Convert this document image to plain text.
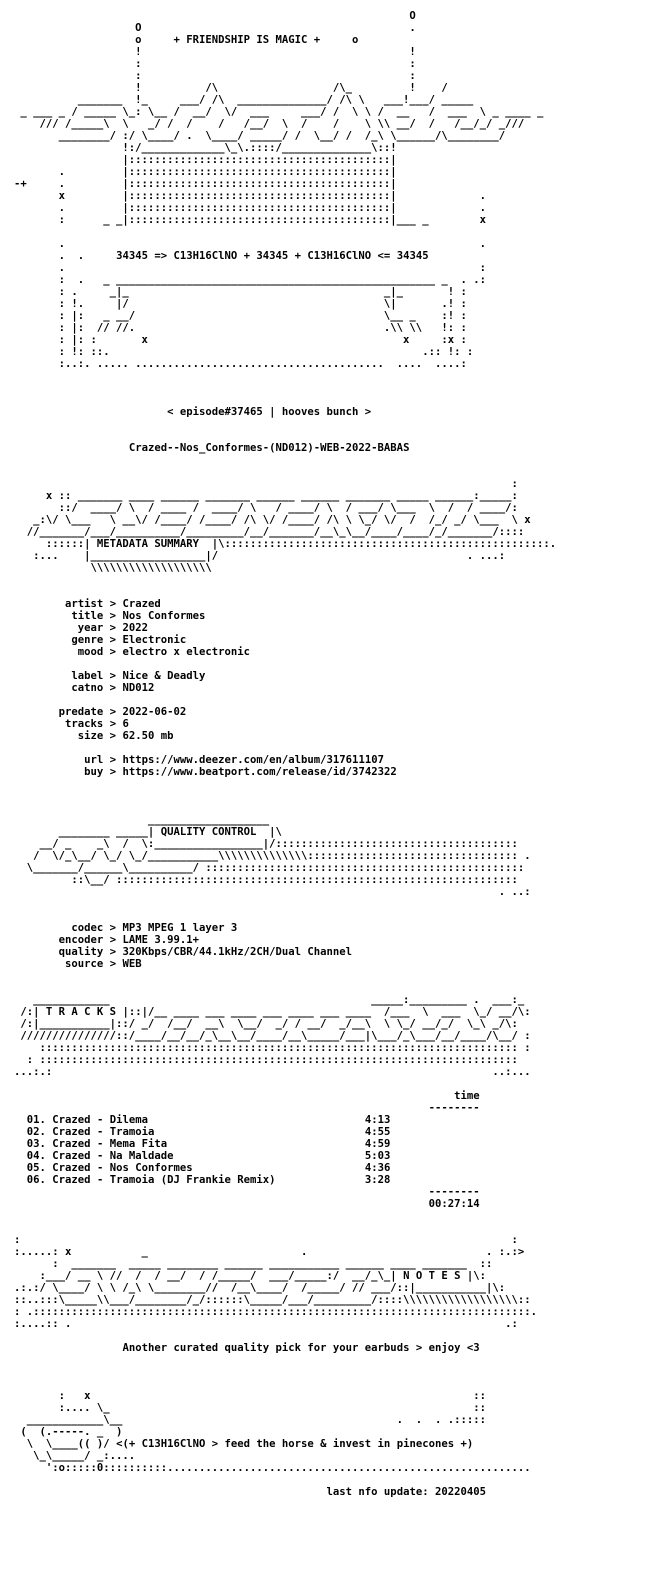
O
O                                          .
o     + FRIENDSHIP IS MAGIC +     o
!                                          !
:                                          :
:                                          :
!          /\                  /\_         !    /
_______  !_     ___/ /\  ______________/ /\ \   ___!___/ _____
_ ___ _ / _____ \_: \__ /  __/  \/  ___     ___/ /  \ \ /  __   /  ___  \ _ ____ _
/// /_____\  \   _/ /  /    /   /__/  \  /    /    \ \\ __/  /   /__/_/ _///
________/ :/ \____/ .  \____/ _____/ /  \__/ /  /_\ \______/\________/
!:/_____________\_\.::::/______________\::!
|:::::::::::::::::::::::::::::::::::::::::|
.         |:::::::::::::::::::::::::::::::::::::::::|
-+     .         |:::::::::::::::::::::::::::::::::::::::::|
x         |:::::::::::::::::::::::::::::::::::::::::|             .
.         |:::::::::::::::::::::::::::::::::::::::::|             .
:      _ _|:::::::::::::::::::::::::::::::::::::::::|___ _        x
.                                                                 .
.  .     34345 => C13H16ClNO + 34345 + C13H16ClNO <= 34345
.                                                                 :
:  .   _ __________________________________________________ _  . .:
: .     _|_                                        _|_       ! :
: !.     |/                                        \|       .! :
: |:   _ __/                                       \__ _    :! :
: |:  // //.                                       .\\ \\   !: :
: |: :       x                                        x     :x :
: !: ::.                                                 .:: !: :
:..:. ..... .......................................  ....  ....:
< episode#37465 | hooves bunch >
Crazed--Nos_Conformes-(ND012)-WEB-2022-BABAS
:
x :: _______ ____ ______ _______ ______ ______ _______ _____ ______:_____:
::/  ____/ \  / ____ /  ____/ \   / ____/ \  / ___/ \___  \  /  / ____/:
_:\/ \___   \ __\/ /____/ /____/ /\ \/ /____/ /\ \ \_/ \/  /  /_/ _/ \___  \ x
//_______/___/__________/_________/__/_______/__\_\__/____/____/_/_______/::::
::::::| METADATA SUMMARY  |\:::::::::::::::::::::::::::::::::::::::::::::::::::.
:...    |__________________|/                                       . ...:
\\\\\\\\\\\\\\\\\\\
artist > Crazed
title > Nos Conformes
year > 2022
genre > Electronic
mood > electro x electronic
label > Nice & Deadly
catno > ND012
predate > 2022-06-02
tracks > 6
size > 62.50 mb
url > https://www.deezer.com/en/album/317611107
buy > https://www.beatport.com/release/id/3742322
___________________
________ _____| QUALITY CONTROL  |\
__/ _    _\  /  \:_________________|/::::::::::::::::::::::::::::::::::::::
/  \/_\__/ \_/ \_/___________\\\\\\\\\\\\\\::::::::::::::::::::::::::::::::: .
\_______/______\__________/ ::::::::::::::::::::::::::::::::::::::::::::::::::
::\__/ :::::::::::::::::::::::::::::::::::::::::::::::::::::::::::::::
. ..:
codec > MP3 MPEG 1 layer 3
encoder > LAME 3.99.1+
quality > 320Kbps/CBR/44.1kHz/2CH/Dual Channel
source > WEB
____________                                         _____:_________ .  ___:_
/:| T R A C K S |::|/__ ____ ___ ____ ___ ____ ___ ____  /___  \  ___  \_/ __/\:
/:|___________|::/ _/  /__/  __\  \__/  _/ / __/  _/__\  \ \_/ __/_/  \_\ _/\:
///////////////::/____/__/__/_\__\__/____/__\_____/___|\___/_\___/__/____/\__/ :
::::::::::::::::::::::::::::::::::::::::::::::::::::::::::::::::::::::::::: :
: :::::::::::::::::::::::::::::::::::::::::::::::::::::::::::::::::::::::::::
...:.:                                                                     ..:...
time
--------
01. Crazed - Dilema	4:13
02. Crazed - Tramoia	4:55
03. Crazed - Mema Fita	4:59
04. Crazed - Na Maldade	5:03
05. Crazed - Nos Conformes	4:36
06. Crazed - Tramoia (DJ Frankie Remix)	3:28
--------
00:27:14
:                                                                             :
:.....: x           _                        .                            . :.:>
:  _______  _____ ________ ______ ___________ ______ ____ _______  ::
:___/ __ \ //  /  / __/  / /_____/  ___/_____:/  __/_\_| N O T E S |\:
.:.:/ \____/ \ \ /_\ \________//  /__\____/  /_____/ // ___/::|___________|\:
::..:::\_____\\___/________/_/::::::\_____/___/_________/::::\\\\\\\\\\\\\\\\\\::
: .::::::::::::::::::::::::::::::::::::::::::::::::::::::::::::::::::::::::::::::.
:....:: .                                                                    .:
Another curated quality pick for your earbuds > enjoy <3
:   x                                                            ::
:.... \_                                                         ::
____________\__                                           .  .  . .:::::
(  (.-----. _  )
\  \____(( )/ <(+ C13H16ClNO > feed the horse & invest in pinecones +)
\_\_____/ _:....
':o:::::0::::::::::.........................................................
last nfo update: 20220405
